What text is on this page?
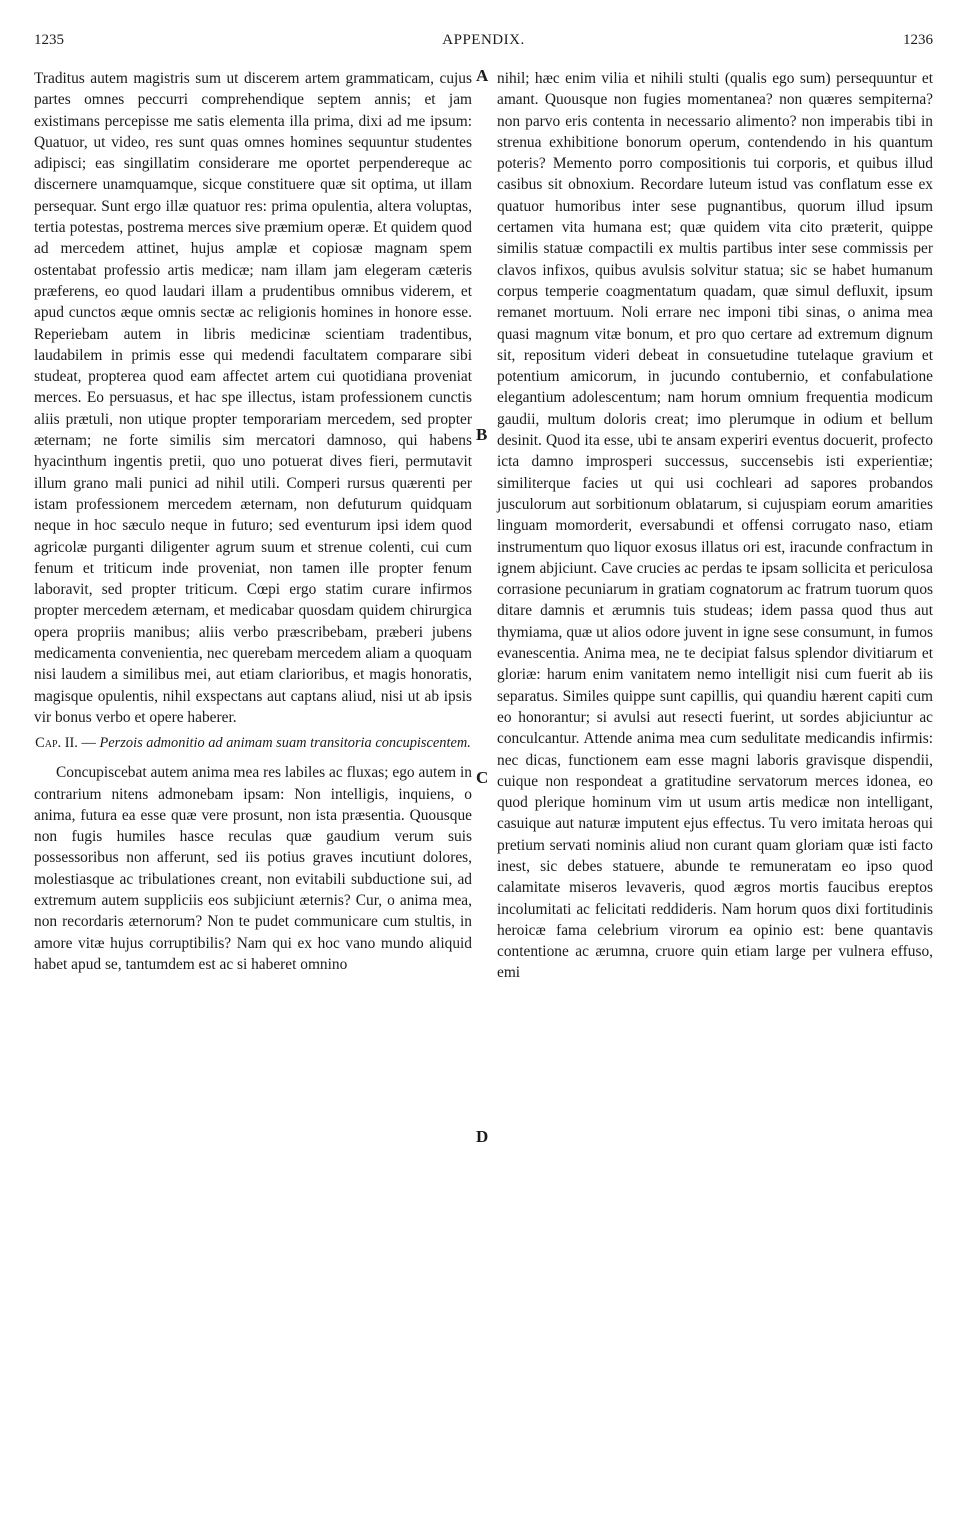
1235	APPENDIX.	1236
A
B
C
D

Traditus autem magistris sum ut discerem artem grammaticam, cujus partes omnes peccurri comprehendique septem annis; et jam existimans percepisse me satis elementa illa prima, dixi ad me ipsum: Quatuor, ut video, res sunt quas omnes homines sequuntur studentes adipisci; eas singillatim considerare me oportet perpendereque ac discernere unamquamque, sicque constituere quæ sit optima, ut illam persequar. Sunt ergo illæ quatuor res: prima opulentia, altera voluptas, tertia potestas, postrema merces sive præmium operæ. Et quidem quod ad mercedem attinet, hujus amplæ et copiosæ magnam spem ostentabat professio artis medicæ; nam illam jam elegeram cæteris præferens, eo quod laudari illam a prudentibus omnibus viderem, et apud cunctos æque omnis sectæ ac religionis homines in honore esse. Reperiebam autem in libris medicinæ scientiam tradentibus, laudabilem in primis esse qui medendi facultatem comparare sibi studeat, propterea quod eam affectet artem cui quotidiana proveniat merces. Eo persuasus, et hac spe illectus, istam professionem cunctis aliis prætuli, non utique propter temporariam mercedem, sed propter æternam; ne forte similis sim mercatori damnoso, qui habens hyacinthum ingentis pretii, quo uno potuerat dives fieri, permutavit illum grano mali punici ad nihil utili. Comperi rursus quærenti per istam professionem mercedem æternam, non defuturum quidquam neque in hoc sæculo neque in futuro; sed eventurum ipsi idem quod agricolæ purganti diligenter agrum suum et strenue colenti, cui cum fenum et triticum inde proveniat, non tamen ille propter fenum laboravit, sed propter triticum. Cœpi ergo statim curare infirmos propter mercedem æternam, et medicabar quosdam quidem chirurgica opera propriis manibus; aliis verbo præscribebam, præberi jubens medicamenta convenientia, nec querebam mercedem aliam a quoquam nisi laudem a similibus mei, aut etiam clarioribus, et magis honoratis, magisque opulentis, nihil exspectans aut captans aliud, nisi ut ab ipsis vir bonus verbo et opere haberer.

Cap. II. — Perzois admonitio ad animam suam transitoria concupiscentem.

Concupiscebat autem anima mea res labiles ac fluxas; ego autem in contrarium nitens admonebam ipsam: Non intelligis, inquiens, o anima, futura ea esse quæ vere prosunt, non ista præsentia. Quousque non fugis humiles hasce reculas quæ gaudium verum suis possessoribus non afferunt, sed iis potius graves incutiunt dolores, molestiasque ac tribulationes creant, non evitabili subductione sui, ad extremum autem suppliciis eos subjiciunt æternis? Cur, o anima mea, non recordaris æternorum? Non te pudet communicare cum stultis, in amore vitæ hujus corruptibilis? Nam qui ex hoc vano mundo aliquid habet apud se, tantumdem est ac si haberet omnino

nihil; hæc enim vilia et nihili stulti (qualis ego sum) persequuntur et amant. Quousque non fugies momentanea? non quæres sempiterna? non parvo eris contenta in necessario alimento? non imperabis tibi in strenua exhibitione bonorum operum, contendendo in his quantum poteris? Memento porro compositionis tui corporis, et quibus illud casibus sit obnoxium. Recordare luteum istud vas conflatum esse ex quatuor humoribus inter sese pugnantibus, quorum illud ipsum certamen vita humana est; quæ quidem vita cito præterit, quippe similis statuæ compactili ex multis partibus inter sese commissis per clavos infixos, quibus avulsis solvitur statua; sic se habet humanum corpus temperie coagmentatum quadam, quæ simul defluxit, ipsum remanet mortuum. Noli errare nec imponi tibi sinas, o anima mea quasi magnum vitæ bonum, et pro quo certare ad extremum dignum sit, repositum videri debeat in consuetudine tutelaque gravium et potentium amicorum, in jucundo contubernio, et confabulatione elegantium adolescentum; nam horum omnium frequentia modicum gaudii, multum doloris creat; imo plerumque in odium et bellum desinit. Quod ita esse, ubi te ansam experiri eventus docuerit, profecto icta damno improsperi successus, succensebis isti experientiæ; similiterque facies ut qui usi cochleari ad sapores probandos jusculorum aut sorbitionum oblatarum, si cujuspiam eorum amarities linguam momorderit, eversabundi et offensi corrugato naso, etiam instrumentum quo liquor exosus illatus ori est, iracunde confractum in ignem abjiciunt. Cave crucies ac perdas te ipsam sollicita et periculosa corrasione pecuniarum in gratiam cognatorum ac fratrum tuorum quos ditare damnis et ærumnis tuis studeas; idem passa quod thus aut thymiama, quæ ut alios odore juvent in igne sese consumunt, in fumos evanescentia. Anima mea, ne te decipiat falsus splendor divitiarum et gloriæ: harum enim vanitatem nemo intelligit nisi cum fuerit ab iis separatus. Similes quippe sunt capillis, qui quandiu hærent capiti cum eo honorantur; si avulsi aut resecti fuerint, ut sordes abjiciuntur ac conculcantur. Attende anima mea cum sedulitate medicandis infirmis: nec dicas, functionem eam esse magni laboris gravisque dispendii, cuique non respondeat a gratitudine servatorum merces idonea, eo quod plerique hominum vim ut usum artis medicæ non intelligant, casuique aut naturæ imputent ejus effectus. Tu vero imitata heroas qui pretium servati nominis aliud non curant quam gloriam quæ isti facto inest, sic debes statuere, abunde te remuneratam eo ipso quod calamitate miseros levaveris, quod ægros mortis faucibus ereptos incolumitati ac felicitati reddideris. Nam horum quos dixi fortitudinis heroicæ fama celebrium virorum ea opinio est: bene quantavis contentione ac ærumna, cruore quin etiam large per vulnera effuso, emi
